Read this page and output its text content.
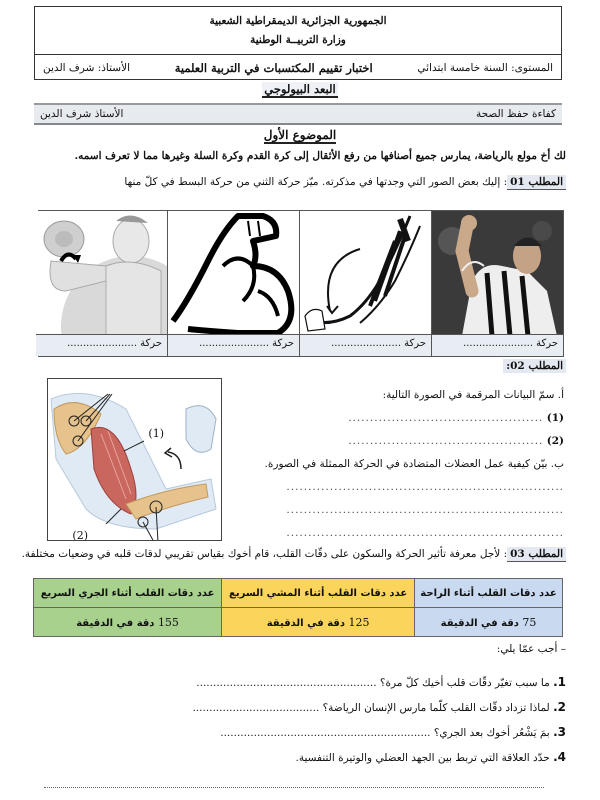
الجمهورية الجزائرية الديمقراطية الشعبية
وزارة التربيــة الوطنية
المستوى: السنة خامسة ابتدائي
اختبار تقييم المكتسبات في التربية العلمية
الأستاذ: شرف الدين
البعد البيولوجي
كفاءة حفظ الصحة
الأستاذ شرف الدين
الموضوع الأول
لك أخ مولع بالرياضة، يمارس جميع أصنافها من رفع الأثقال إلى كرة القدم وكرة السلة وغيرها مما لا تعرف اسمه.
المطلب 01: إليك بعض الصور التي وجدتها في مذكرته. ميّز حركة الثني من حركة البسط في كلّ منها
حركة ......................
حركة ......................
حركة ......................
حركة ......................
المطلب 02:
(1)
(2)
أ. سمّ البيانات المرقمة في الصورة التالية:
(1) .............................................
(2) .............................................
ب. بيّن كيفية عمل العضلات المتضادة في الحركة الممثلة في الصورة.
................................................................
................................................................
................................................................
المطلب 03: لأجل معرفة تأثير الحركة والسكون على دقّات القلب، قام أخوك بقياس تقريبي لدقات قلبه في وضعيات مختلفة.
عدد دقات القلب أثناء الراحة	عدد دقات القلب أثناء المشي السريع	عدد دقات القلب أثناء الجري السريع
75 دقة في الدقيقة	125 دقة في الدقيقة	155 دقة في الدقيقة
– أجب عمّا يلي:
1. ما سبب تغيّر دقّات قلب أخيك كلّ مرة؟ ......................................................
2. لماذا تزداد دقّات القلب كلّما مارس الإنسان الرياضة؟ ......................................
3. بمَ يَشْعُر أخوك بعد الجري؟ ...............................................................
4. حدّد العلاقة التي تربط بين الجهد العضلي والوتيرة التنفسية.
